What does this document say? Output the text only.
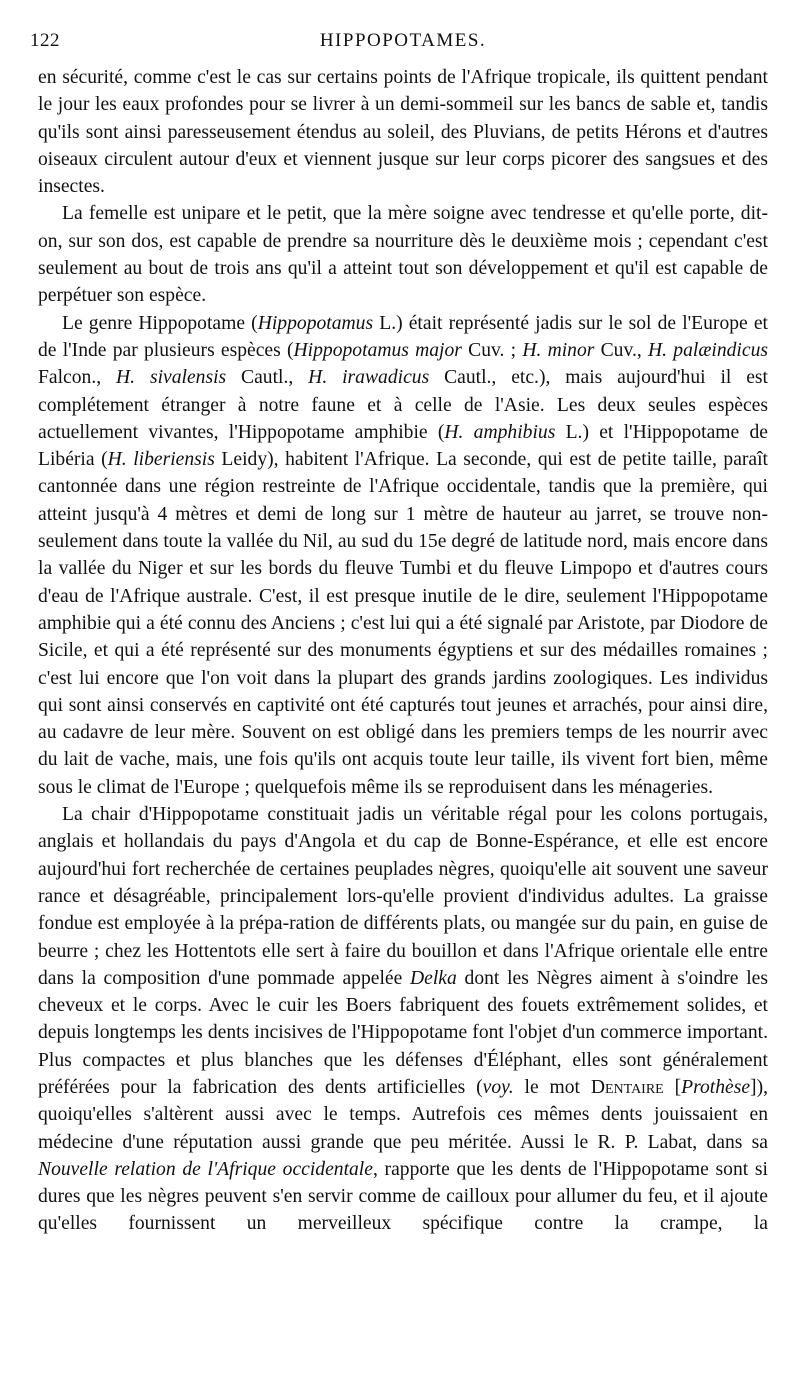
122	HIPPOPOTAMES.

en sécurité, comme c'est le cas sur certains points de l'Afrique tropicale, ils quittent pendant le jour les eaux profondes pour se livrer à un demi-sommeil sur les bancs de sable et, tandis qu'ils sont ainsi paresseusement étendus au soleil, des Pluvians, de petits Hérons et d'autres oiseaux circulent autour d'eux et viennent jusque sur leur corps picorer des sangsues et des insectes.

La femelle est unipare et le petit, que la mère soigne avec tendresse et qu'elle porte, dit-on, sur son dos, est capable de prendre sa nourriture dès le deuxième mois ; cependant c'est seulement au bout de trois ans qu'il a atteint tout son développement et qu'il est capable de perpétuer son espèce.

Le genre Hippopotame (Hippopotamus L.) était représenté jadis sur le sol de l'Europe et de l'Inde par plusieurs espèces (Hippopotamus major Cuv. ; H. minor Cuv., H. palæindicus Falcon., H. sivalensis Cautl., H. irawadicus Cautl., etc.), mais aujourd'hui il est complétement étranger à notre faune et à celle de l'Asie. Les deux seules espèces actuellement vivantes, l'Hippopotame amphibie (H. amphibius L.) et l'Hippopotame de Libéria (H. liberiensis Leidy), habitent l'Afrique. La seconde, qui est de petite taille, paraît cantonnée dans une région restreinte de l'Afrique occidentale, tandis que la première, qui atteint jusqu'à 4 mètres et demi de long sur 1 mètre de hauteur au jarret, se trouve non-seulement dans toute la vallée du Nil, au sud du 15e degré de latitude nord, mais encore dans la vallée du Niger et sur les bords du fleuve Tumbi et du fleuve Limpopo et d'autres cours d'eau de l'Afrique australe. C'est, il est presque inutile de le dire, seulement l'Hippopotame amphibie qui a été connu des Anciens ; c'est lui qui a été signalé par Aristote, par Diodore de Sicile, et qui a été représenté sur des monuments égyptiens et sur des médailles romaines ; c'est lui encore que l'on voit dans la plupart des grands jardins zoologiques. Les individus qui sont ainsi conservés en captivité ont été capturés tout jeunes et arrachés, pour ainsi dire, au cadavre de leur mère. Souvent on est obligé dans les premiers temps de les nourrir avec du lait de vache, mais, une fois qu'ils ont acquis toute leur taille, ils vivent fort bien, même sous le climat de l'Europe ; quelquefois même ils se reproduisent dans les ménageries.

La chair d'Hippopotame constituait jadis un véritable régal pour les colons portugais, anglais et hollandais du pays d'Angola et du cap de Bonne-Espérance, et elle est encore aujourd'hui fort recherchée de certaines peuplades nègres, quoiqu'elle ait souvent une saveur rance et désagréable, principalement lors-qu'elle provient d'individus adultes. La graisse fondue est employée à la prépa-ration de différents plats, ou mangée sur du pain, en guise de beurre ; chez les Hottentots elle sert à faire du bouillon et dans l'Afrique orientale elle entre dans la composition d'une pommade appelée Delka dont les Nègres aiment à s'oindre les cheveux et le corps. Avec le cuir les Boers fabriquent des fouets extrêmement solides, et depuis longtemps les dents incisives de l'Hippopotame font l'objet d'un commerce important. Plus compactes et plus blanches que les défenses d'Éléphant, elles sont généralement préférées pour la fabrication des dents artificielles (voy. le mot Dentaire [Prothèse]), quoiqu'elles s'altèrent aussi avec le temps. Autrefois ces mêmes dents jouissaient en médecine d'une réputation aussi grande que peu méritée. Aussi le R. P. Labat, dans sa Nouvelle relation de l'Afrique occidentale, rapporte que les dents de l'Hippopotame sont si dures que les nègres peuvent s'en servir comme de cailloux pour allumer du feu, et il ajoute qu'elles fournissent un merveilleux spécifique contre la crampe, la
